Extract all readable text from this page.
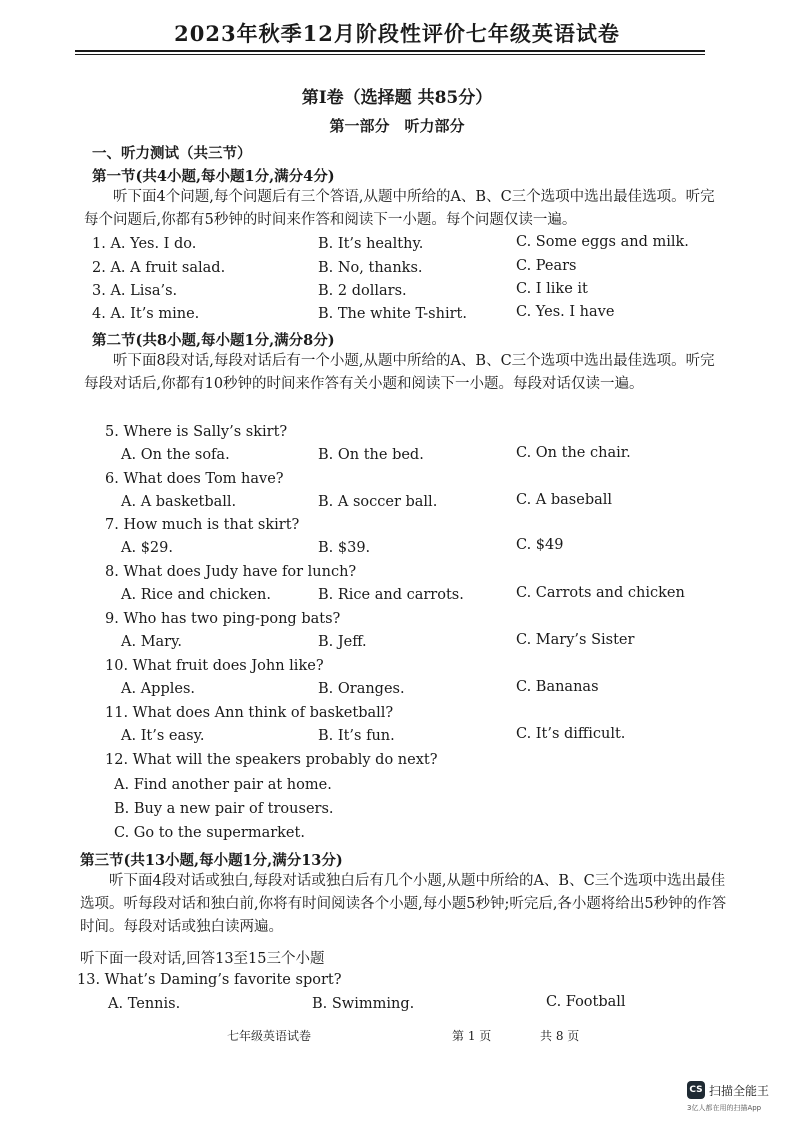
2023年秋季12月阶段性评价七年级英语试卷
第Ⅰ卷（选择题 共85分）
第一部分　听力部分
一、听力测试（共三节）
第一节(共4小题,每小题1分,满分4分)
听下面4个问题,每个问题后有三个答语,从题中所给的A、B、C三个选项中选出最佳选项。听完每个问题后,你都有5秒钟的时间来作答和阅读下一小题。每个问题仅读一遍。
1. A. Yes. I do.	B. It’s healthy.	C. Some eggs and milk.
2. A. A fruit salad.	B. No, thanks.	C. Pears
3. A. Lisa’s.	B. 2 dollars.	C. I like it
4. A. It’s mine.	B. The white T-shirt.	C. Yes. I have
第二节(共8小题,每小题1分,满分8分)
听下面8段对话,每段对话后有一个小题,从题中所给的A、B、C三个选项中选出最佳选项。听完每段对话后,你都有10秒钟的时间来作答有关小题和阅读下一小题。每段对话仅读一遍。
5. Where is Sally’s skirt?
A. On the sofa.	B. On the bed.	C. On the chair.
6. What does Tom have?
A. A basketball.	B. A soccer ball.	C. A baseball
7. How much is that skirt?
A. $29.	B. $39.	C. $49
8. What does Judy have for lunch?
A. Rice and chicken.	B. Rice and carrots.	C. Carrots and chicken
9. Who has two ping-pong bats?
A. Mary.	B. Jeff.	C. Mary’s Sister
10. What fruit does John like?
A. Apples.	B. Oranges.	C. Bananas
11. What does Ann think of basketball?
A. It’s easy.	B. It’s fun.	C. It’s difficult.
12. What will the speakers probably do next?
A. Find another pair at home.
B. Buy a new pair of trousers.
C. Go to the supermarket.
第三节(共13小题,每小题1分,满分13分)
听下面4段对话或独白,每段对话或独白后有几个小题,从题中所给的A、B、C三个选项中选出最佳选项。听每段对话和独白前,你将有时间阅读各个小题,每小题5秒钟;听完后,各小题将给出5秒钟的作答时间。每段对话或独白读两遍。
听下面一段对话,回答13至15三个小题
13. What’s Daming’s favorite sport?
A. Tennis.	B. Swimming.	C. Football
七年级英语试卷	第 1 页	共 8 页
CS 扫描全能王
3亿人都在用的扫描App
